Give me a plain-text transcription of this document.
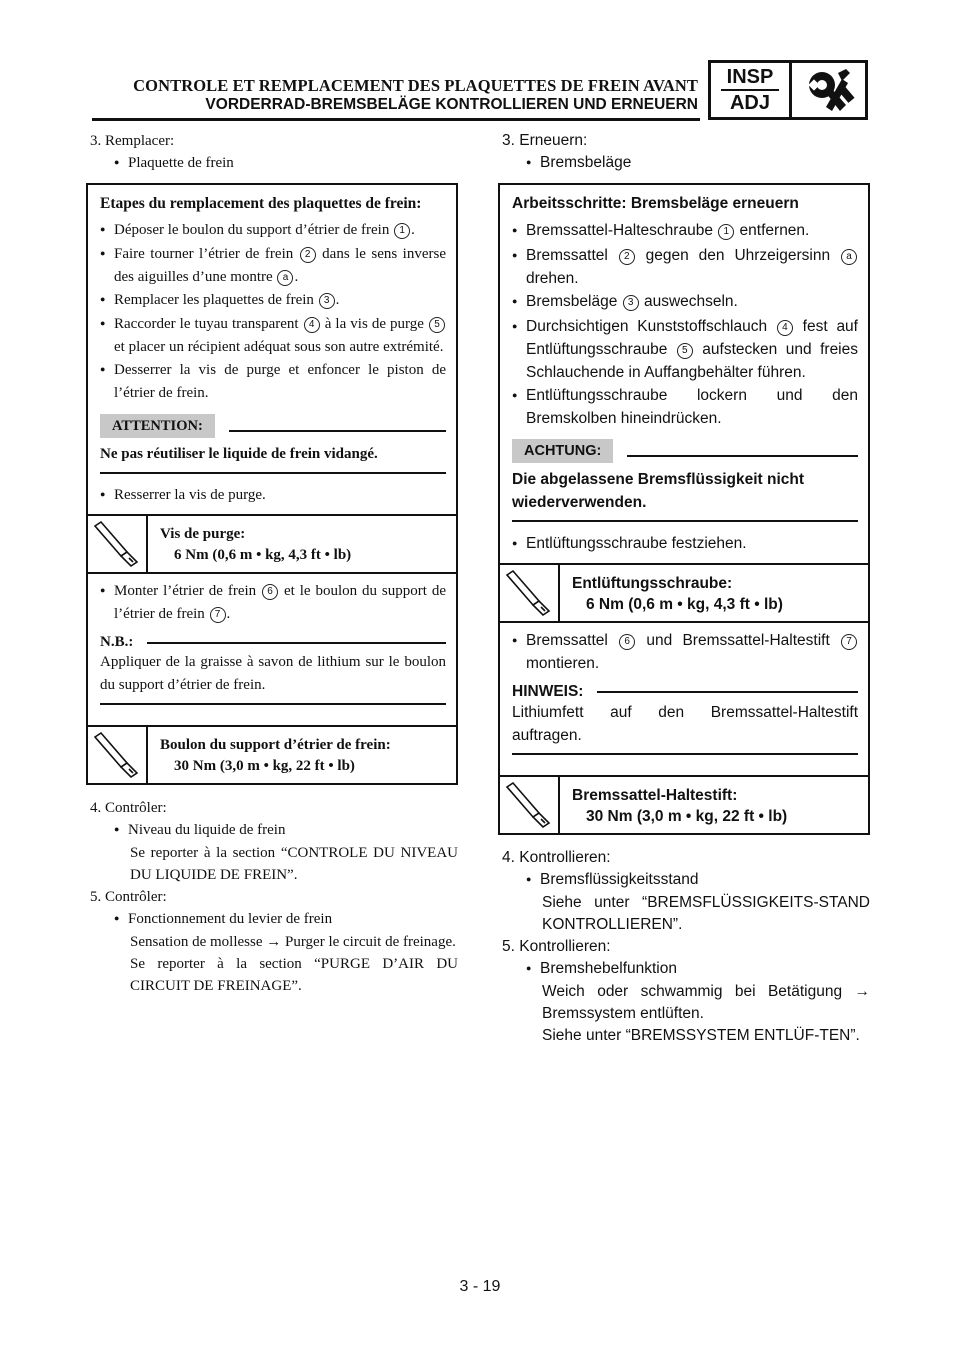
CONTROLE ET REMPLACEMENT DES PLAQUETTES DE FREIN AVANT
VORDERRAD-BREMSBELÄGE KONTROLLIEREN UND ERNEUERN
INSP
ADJ
3. Remplacer:
●Plaquette de frein
Etapes du remplacement des plaquettes de frein:
●
Déposer le boulon du support d’étrier de frein 1 .
●
Faire tourner l’étrier de frein 2 dans le sens inverse des aiguilles d’une montre a .
●
Remplacer les plaquettes de frein 3 .
●
Raccorder le tuyau transparent 4 à la vis de purge 5 et placer un récipient adéquat sous son autre extrémité.
●
Desserrer la vis de purge et enfoncer le piston de l’étrier de frein.
ATTENTION:
Ne pas réutiliser le liquide de frein vidangé.
●
Resserrer la vis de purge.
Vis de purge:
6 Nm (0,6 m • kg, 4,3 ft • lb)
●
Monter l’étrier de frein 6 et le boulon du support de l’étrier de frein 7 .
N.B.:
Appliquer de la graisse à savon de lithium sur le boulon du support d’étrier de frein.
Boulon du support d’étrier de frein:
30 Nm (3,0 m • kg, 22 ft • lb)
4. Contrôler:
●Niveau du liquide de frein
Se reporter à la section “CONTROLE DU NIVEAU DU LIQUIDE DE FREIN”.
5. Contrôler:
●Fonctionnement du levier de frein
Sensation de mollesse → Purger le circuit de freinage.
Se reporter à la section “PURGE D’AIR DU CIRCUIT DE FREINAGE”.
3. Erneuern:
●Bremsbeläge
Arbeitsschritte: Bremsbeläge erneuern
●
Bremssattel-Halteschraube 1 entfernen.
●
Bremssattel 2 gegen den Uhrzeigersinn a drehen.
●
Bremsbeläge 3 auswechseln.
●
Durchsichtigen Kunststoffschlauch 4 fest auf Entlüftungsschraube 5 aufstecken und freies Schlauchende in Auffangbehälter führen.
●
Entlüftungsschraube lockern und den Bremskolben hineindrücken.
ACHTUNG:
Die abgelassene Bremsflüssigkeit nicht wiederverwenden.
●
Entlüftungsschraube festziehen.
Entlüftungsschraube:
6 Nm (0,6 m • kg, 4,3 ft • lb)
●
Bremssattel 6 und Bremssattel-Haltestift 7 montieren.
HINWEIS:
Lithiumfett auf den Bremssattel-Haltestift auftragen.
Bremssattel-Haltestift:
30 Nm (3,0 m • kg, 22 ft • lb)
4. Kontrollieren:
●Bremsflüssigkeitsstand
Siehe unter “BREMSFLÜSSIGKEITS-STAND KONTROLLIEREN”.
5. Kontrollieren:
●Bremshebelfunktion
Weich oder schwammig bei Betätigung → Bremssystem entlüften.
Siehe unter “BREMSSYSTEM ENTLÜF-TEN”.
3 - 19
